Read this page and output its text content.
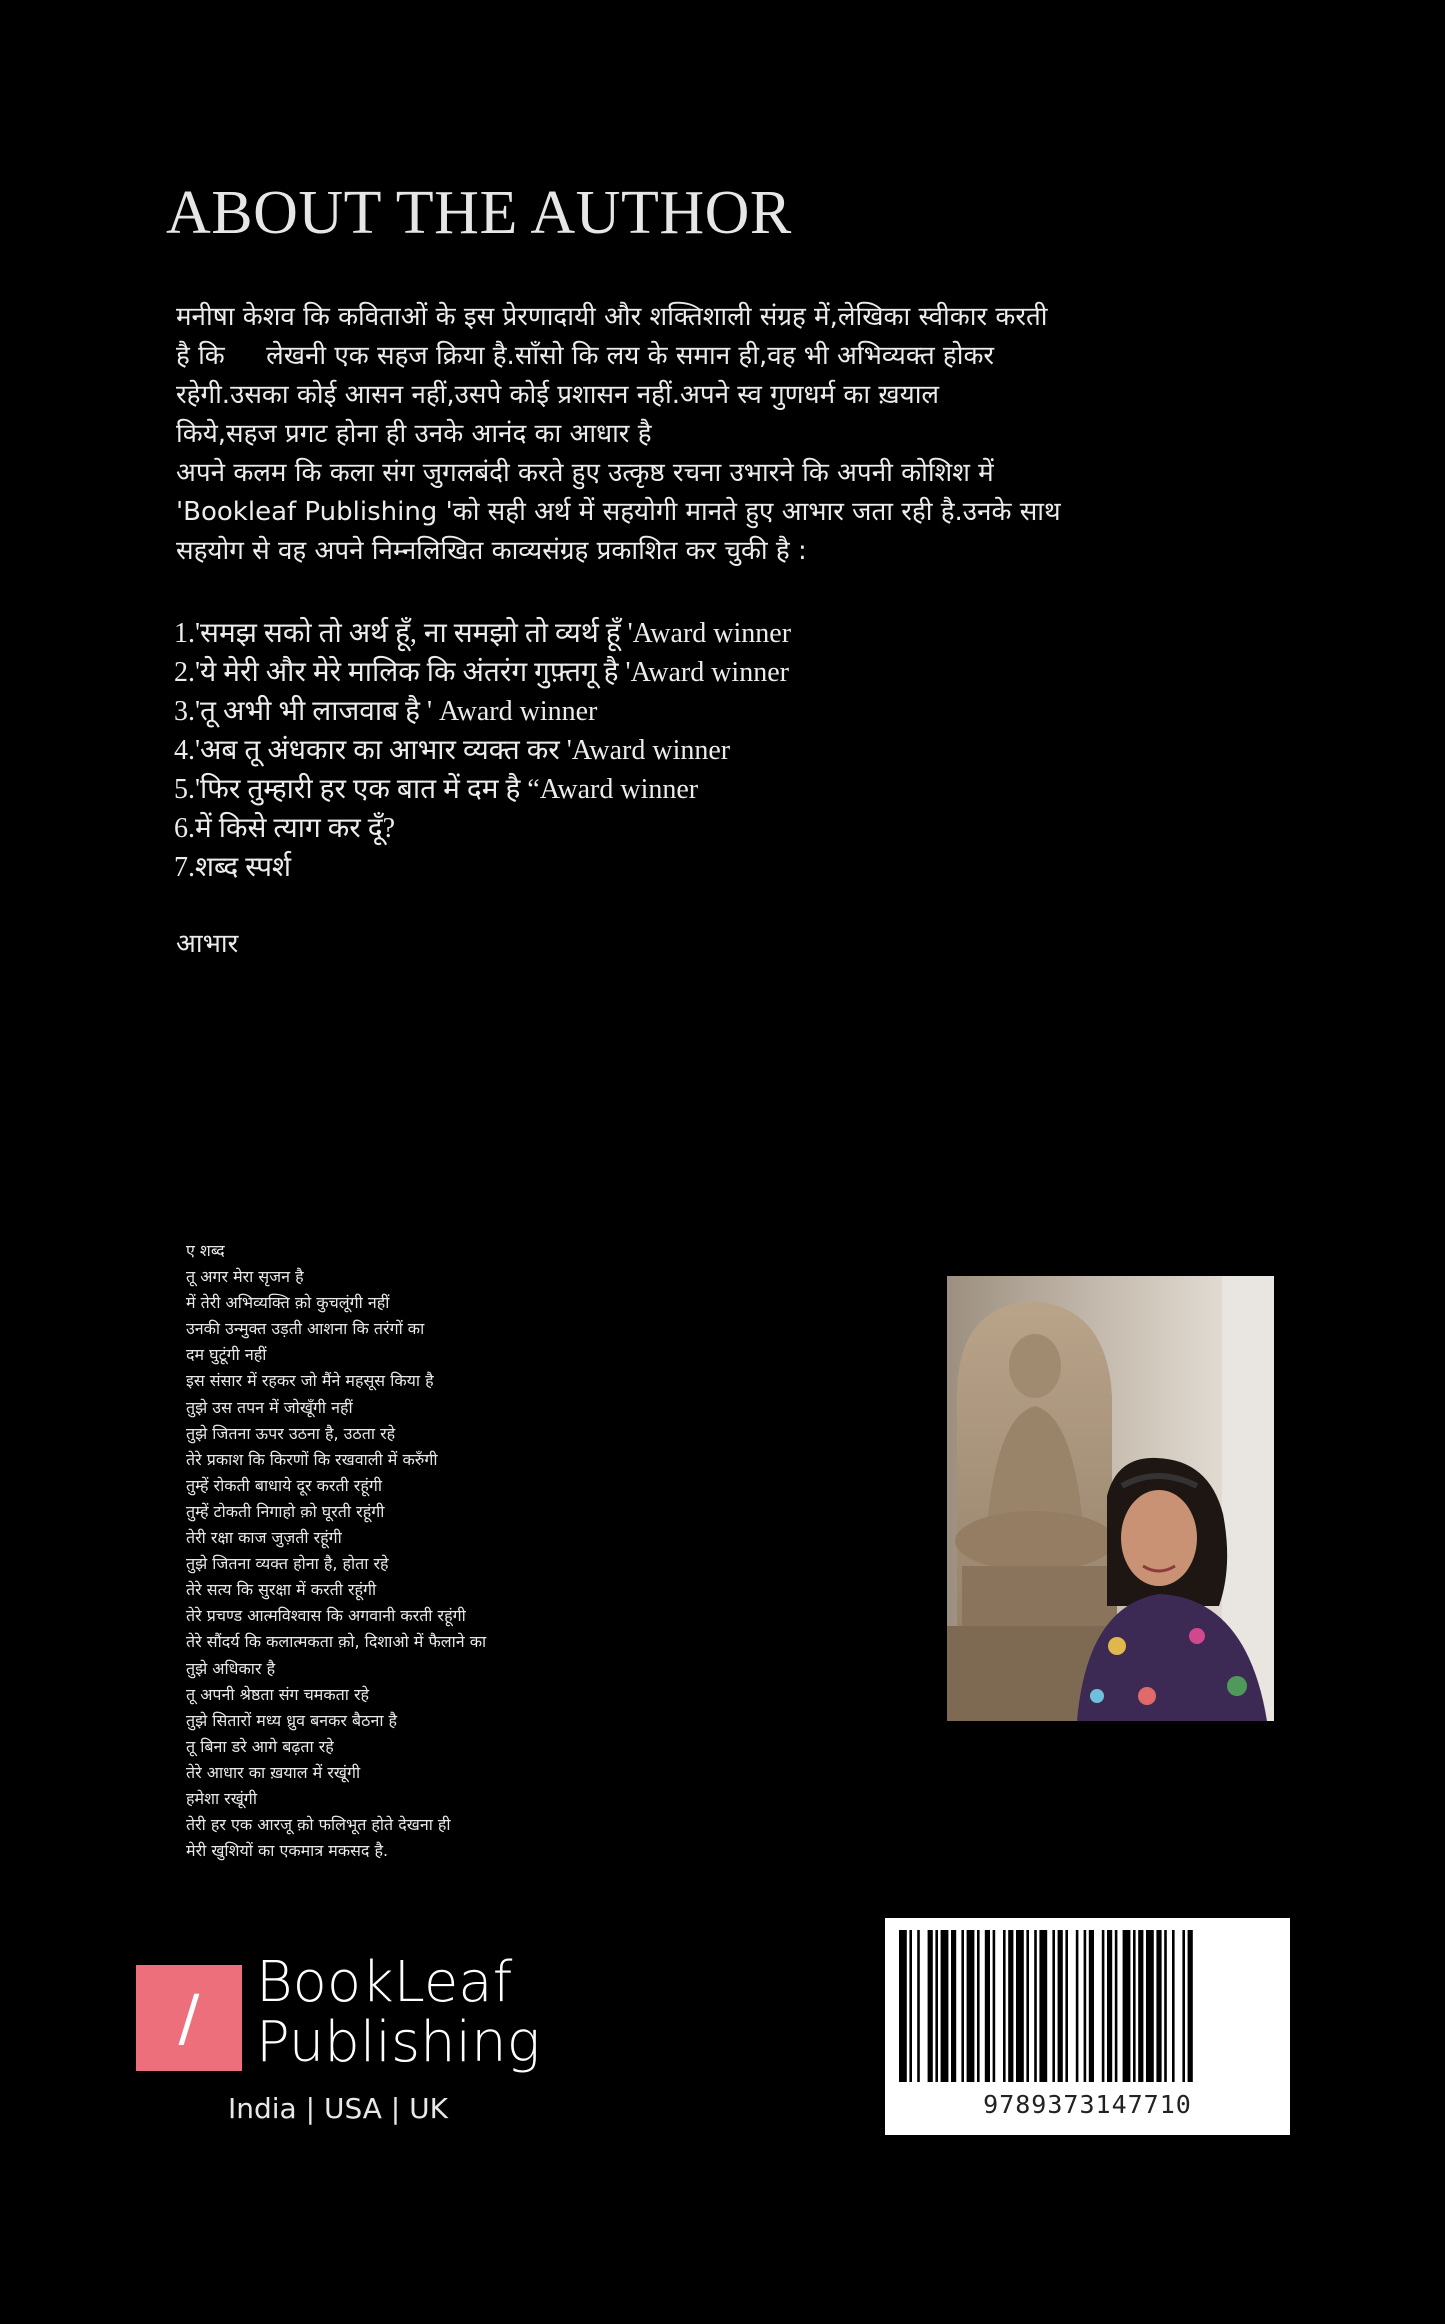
ABOUT THE AUTHOR

मनीषा केशव कि कविताओं के इस प्रेरणादायी और शक्तिशाली संग्रह में,लेखिका स्वीकार करती

है कि     लेखनी एक सहज क्रिया है.साँसो कि लय के समान ही,वह भी अभिव्यक्त होकर

रहेगी.उसका कोई आसन नहीं,उसपे कोई प्रशासन नहीं.अपने स्व गुणधर्म का ख़याल

किये,सहज प्रगट होना ही उनके आनंद का आधार है

अपने कलम कि कला संग जुगलबंदी करते हुए उत्कृष्ठ रचना उभारने कि अपनी कोशिश में

'Bookleaf Publishing 'को सही अर्थ में सहयोगी मानते हुए आभार जता रही है.उनके साथ

सहयोग से वह अपने निम्नलिखित काव्यसंग्रह प्रकाशित कर चुकी है :

1.'समझ सको तो अर्थ हूँ, ना समझो तो व्यर्थ हूँ 'Award winner
2.'ये मेरी और मेरे मालिक कि अंतरंग गुफ़्तगू है 'Award winner
3.'तू अभी भी लाजवाब है ' Award winner
4.'अब तू अंधकार का आभार व्यक्त कर 'Award winner
5.'फिर तुम्हारी हर एक बात में दम है “Award winner
6.में किसे त्याग कर दूँ?
7.शब्द स्पर्श
आभार
ए शब्द
तू अगर मेरा सृजन है
में तेरी अभिव्यक्ति क़ो कुचलूंगी नहीं
उनकी उन्मुक्त उड़ती आशना कि तरंगों का
दम घुटूंगी नहीं
इस संसार में रहकर जो मैंने महसूस किया है
तुझे उस तपन में जोखूँगी नहीं
तुझे जितना ऊपर उठना है, उठता रहे
तेरे प्रकाश कि किरणों कि रखवाली में करुँगी
तुम्हें रोकती बाधाये दूर करती रहूंगी
तुम्हें टोकती निगाहो क़ो घूरती रहूंगी
तेरी रक्षा काज जुज़ती रहूंगी
तुझे जितना व्यक्त होना है, होता रहे
तेरे सत्य कि सुरक्षा में करती रहूंगी
तेरे प्रचण्ड आत्मविश्वास कि अगवानी करती रहूंगी
तेरे सौंदर्य कि कलात्मकता क़ो, दिशाओ में फैलाने का
तुझे अधिकार है
तू अपनी श्रेष्ठता संग चमकता रहे
तुझे सितारों मध्य ध्रुव बनकर बैठना है
तू बिना डरे आगे बढ़ता रहे
तेरे आधार का ख़याल में रखूंगी
हमेशा रखूंगी
तेरी हर एक आरजू क़ो फलिभूत होते देखना ही
मेरी खुशियों का एकमात्र मकसद है.
/	BookLeaf
Publishing
India | USA | UK	9789373147710
